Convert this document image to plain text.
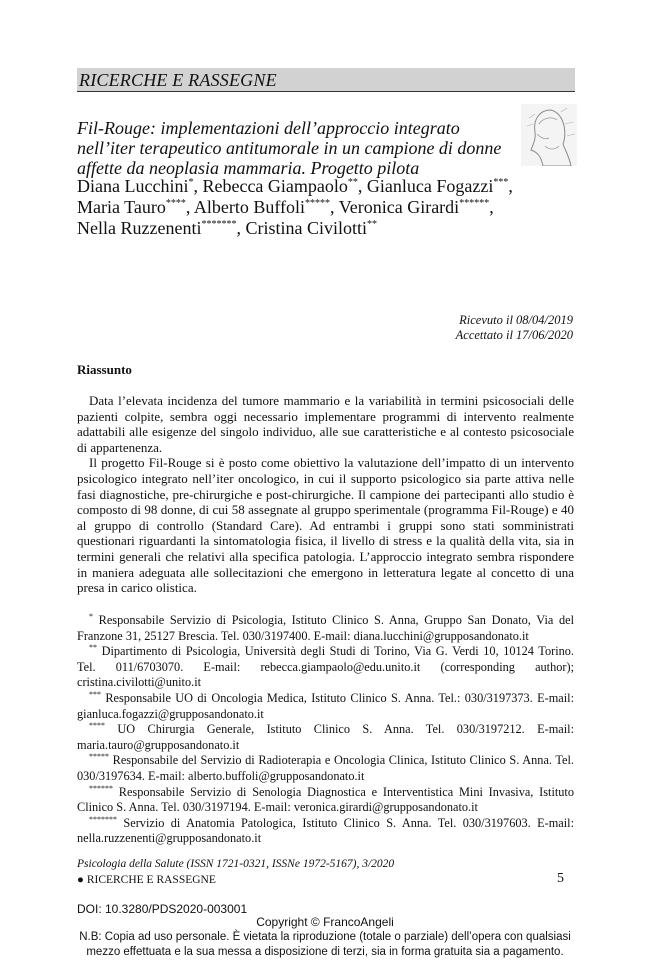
RICERCHE E RASSEGNE
Fil-Rouge: implementazioni dell’approccio integrato
nell’iter terapeutico antitumorale in un campione di donne
affette da neoplasia mammaria. Progetto pilota
Diana Lucchini*, Rebecca Giampaolo**, Gianluca Fogazzi***,
Maria Tauro****, Alberto Buffoli*****, Veronica Girardi******,
Nella Ruzzenenti*******, Cristina Civilotti**
Ricevuto il 08/04/2019
Accettato il 17/06/2020
Riassunto

Data l’elevata incidenza del tumore mammario e la variabilità in termini psicosociali delle pazienti colpite, sembra oggi necessario implementare programmi di intervento realmente adattabili alle esigenze del singolo individuo, alle sue caratteristiche e al contesto psicosociale di appartenenza.

Il progetto Fil-Rouge si è posto come obiettivo la valutazione dell’impatto di un intervento psicologico integrato nell’iter oncologico, in cui il supporto psicologico sia parte attiva nelle fasi diagnostiche, pre-chirurgiche e post-chirurgiche. Il campione dei partecipanti allo studio è composto di 98 donne, di cui 58 assegnate al gruppo sperimentale (programma Fil-Rouge) e 40 al gruppo di controllo (Standard Care). Ad entrambi i gruppi sono stati somministrati questionari riguardanti la sintomatologia fisica, il livello di stress e la qualità della vita, sia in termini generali che relativi alla specifica patologia. L’approccio integrato sembra rispondere in maniera adeguata alle sollecitazioni che emergono in letteratura legate al concetto di una presa in carico olistica.

* Responsabile Servizio di Psicologia, Istituto Clinico S. Anna, Gruppo San Donato, Via del Franzone 31, 25127 Brescia. Tel. 030/3197400. E-mail: diana.lucchini@grupposandonato.it

** Dipartimento di Psicologia, Università degli Studi di Torino, Via G. Verdi 10, 10124 Torino. Tel. 011/6703070. E-mail: rebecca.giampaolo@edu.unito.it (corresponding author); cristina.civilotti@unito.it

*** Responsabile UO di Oncologia Medica, Istituto Clinico S. Anna. Tel.: 030/3197373. E-mail: gianluca.fogazzi@grupposandonato.it

**** UO Chirurgia Generale, Istituto Clinico S. Anna. Tel. 030/3197212. E-mail: maria.tauro@grupposandonato.it

***** Responsabile del Servizio di Radioterapia e Oncologia Clinica, Istituto Clinico S. Anna. Tel. 030/3197634. E-mail: alberto.buffoli@grupposandonato.it

****** Responsabile Servizio di Senologia Diagnostica e Interventistica Mini Invasiva, Istituto Clinico S. Anna. Tel. 030/3197194. E-mail: veronica.girardi@grupposandonato.it

******* Servizio di Anatomia Patologica, Istituto Clinico S. Anna. Tel. 030/3197603. E-mail: nella.ruzzenenti@grupposandonato.it

Psicologia della Salute (ISSN 1721-0321, ISSNe 1972-5167), 3/2020
● RICERCHE E RASSEGNE	5
DOI: 10.3280/PDS2020-003001
Copyright © FrancoAngeli
N.B: Copia ad uso personale. È vietata la riproduzione (totale o parziale) dell’opera con qualsiasi
mezzo effettuata e la sua messa a disposizione di terzi, sia in forma gratuita sia a pagamento.
